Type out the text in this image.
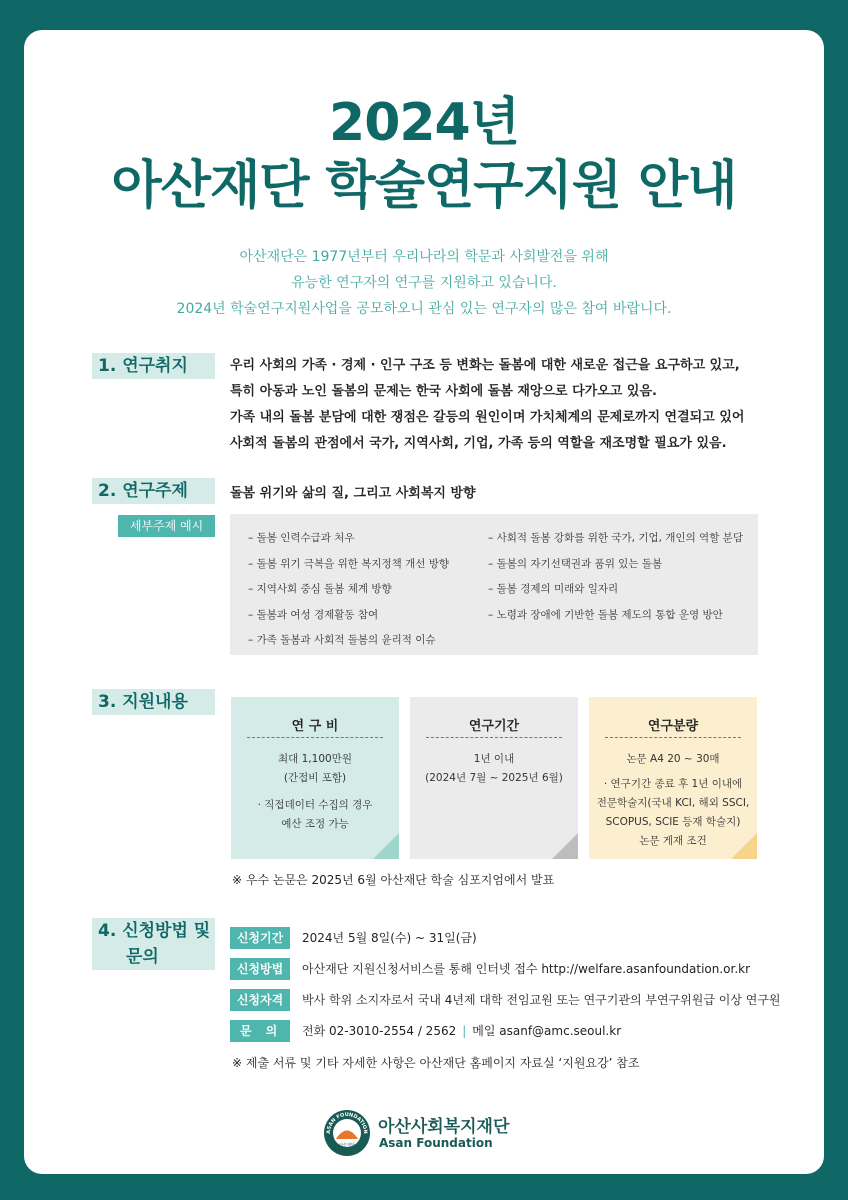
2024년
아산재단 학술연구지원 안내
아산재단은 1977년부터 우리나라의 학문과 사회발전을 위해
유능한 연구자의 연구를 지원하고 있습니다.
2024년 학술연구지원사업을 공모하오니 관심 있는 연구자의 많은 참여 바랍니다.
1. 연구취지	우리 사회의 가족 · 경제 · 인구 구조 등 변화는 돌봄에 대한 새로운 접근을 요구하고 있고,
특히 아동과 노인 돌봄의 문제는 한국 사회에 돌봄 재앙으로 다가오고 있음.
가족 내의 돌봄 분담에 대한 쟁점은 갈등의 원인이며 가치체계의 문제로까지 연결되고 있어
사회적 돌봄의 관점에서 국가, 지역사회, 기업, 가족 등의 역할을 재조명할 필요가 있음.
2. 연구주제	돌봄 위기와 삶의 질, 그리고 사회복지 방향
세부주제 예시
– 돌봄 인력수급과 처우
– 돌봄 위기 극복을 위한 복지정책 개선 방향
– 지역사회 중심 돌봄 체계 방향
– 돌봄과 여성 경제활동 참여
– 가족 돌봄과 사회적 돌봄의 윤리적 이슈
– 사회적 돌봄 강화를 위한 국가, 기업, 개인의 역할 분담
– 돌봄의 자기선택권과 품위 있는 돌봄
– 돌봄 경제의 미래와 일자리
– 노령과 장애에 기반한 돌봄 제도의 통합 운영 방안
3. 지원내용
연 구 비
최대 1,100만원
(간접비 포함)
· 직접데이터 수집의 경우
예산 조정 가능
연구기간
1년 이내
(2024년 7월 ~ 2025년 6월)
연구분량
논문 A4 20 ~ 30매
· 연구기간 종료 후 1년 이내에
전문학술지(국내 KCI, 해외 SSCI,
SCOPUS, SCIE 등재 학술지)
논문 게재 조건
※ 우수 논문은 2025년 6월 아산재단 학술 심포지엄에서 발표
4. 신청방법 및
문의
신청기간	2024년 5월 8일(수) ~ 31일(금)
신청방법	아산재단 지원신청서비스를 통해 인터넷 접수 http://welfare.asanfoundation.or.kr
신청자격	박사 학위 소지자로서 국내 4년제 대학 전임교원 또는 연구기관의 부연구위원급 이상 연구원
문의 전화 02-3010-2554 / 2562 | 메일 asanf@amc.seoul.kr
※ 제출 서류 및 기타 자세한 사항은 아산재단 홈페이지 자료실 ‘지원요강’ 참조
ASAN FOUNDATION
아산재단
아산사회복지재단
Asan Foundation
